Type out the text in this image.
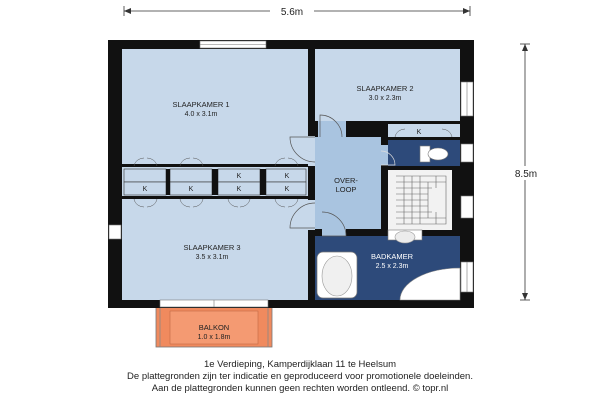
5.6m
8.5m
K	K
K
K
K
K
K
SLAAPKAMER 1
4.0 x 3.1m
SLAAPKAMER 2
3.0 x 2.3m
SLAAPKAMER 3
3.5 x 3.1m
OVER-
LOOP
BADKAMER
2.5 x 2.3m
BALKON
1.0 x 1.8m
1e Verdieping, Kamperdijklaan 11 te Heelsum
De plattegronden zijn ter indicatie en geproduceerd voor promotionele doeleinden.
Aan de plattegronden kunnen geen rechten worden ontleend. © topr.nl
